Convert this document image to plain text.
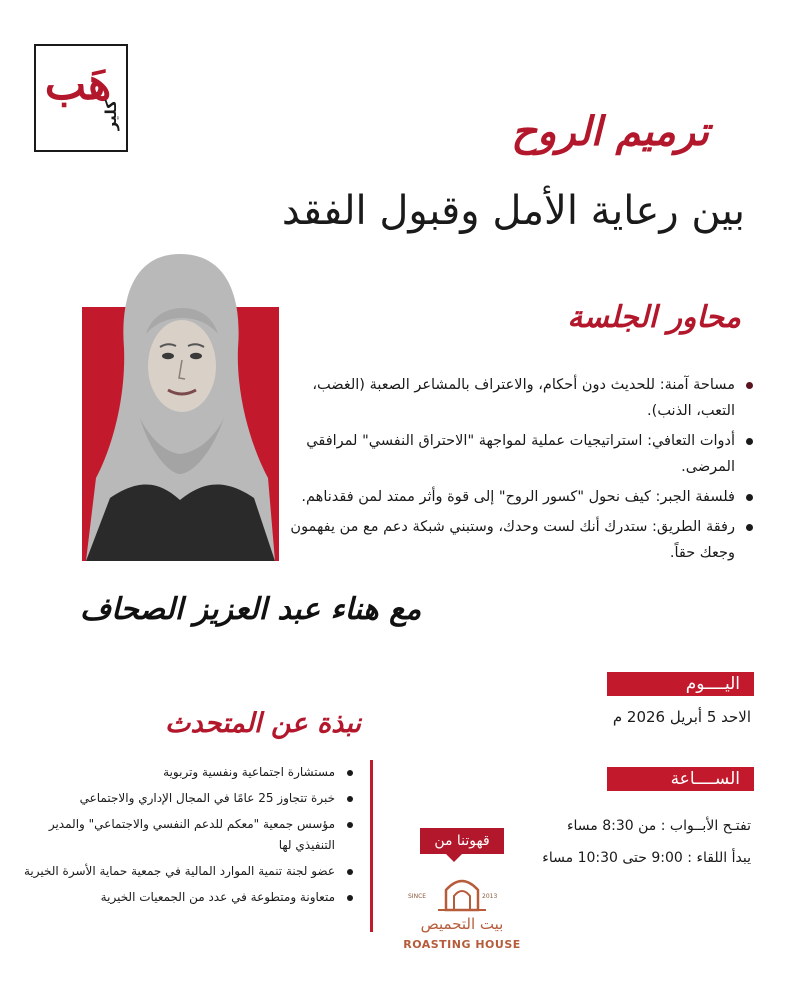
هَب
كلير	ترميم الروح
بين رعاية الأمل وقبول الفقد
محاور الجلسة
مساحة آمنة: للحديث دون أحكام، والاعتراف بالمشاعر الصعبة (الغضب، التعب، الذنب).
أدوات التعافي: استراتيجيات عملية لمواجهة "الاحتراق النفسي" لمرافقي المرضى.
فلسفة الجبر: كيف نحول "كسور الروح" إلى قوة وأثر ممتد لمن فقدناهم.
رفقة الطريق: ستدرك أنك لست وحدك، وستبني شبكة دعم مع من يفهمون وجعك حقاً.
مع هناء عبد العزيز الصحاف
اليــــوم
الاحد 5 أبريل 2026 م
الســــاعة
تفتـح الأبــواب : من 8:30 مساء
يبدأ اللقاء : 9:00 حتى 10:30 مساء
نبذة عن المتحدث
مستشارة اجتماعية ونفسية وتربوية
خبرة تتجاوز 25 عامًا في المجال الإداري والاجتماعي
مؤسس جمعية "معكم للدعم النفسي والاجتماعي" والمدير التنفيذي لها
عضو لجنة تنمية الموارد المالية في جمعية حماية الأسرة الخيرية
متعاونة ومتطوعة في عدد من الجمعيات الخيرية
قهوتنا من
SINCE	2013
بيت التحميص
ROASTING HOUSE
